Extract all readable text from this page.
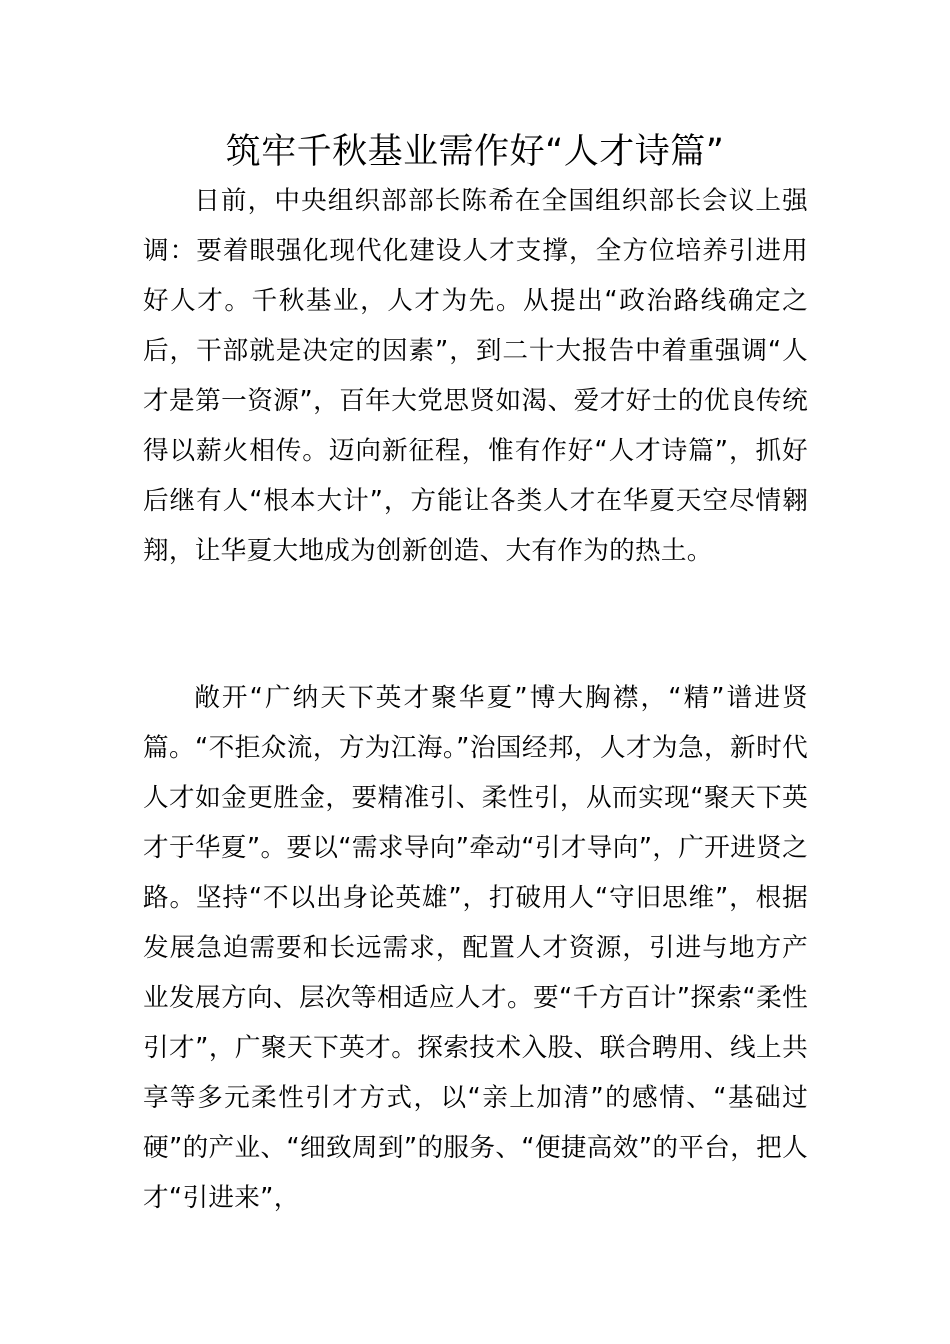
筑牢千秋基业需作好“人才诗篇”

日前，中央组织部部长陈希在全国组织部长会议上强调：要着眼强化现代化建设人才支撑，全方位培养引进用好人才。千秋基业，人才为先。从提出“政治路线确定之后，干部就是决定的因素”，到二十大报告中着重强调“人才是第一资源”，百年大党思贤如渴、爱才好士的优良传统得以薪火相传。迈向新征程，惟有作好“人才诗篇”，抓好后继有人“根本大计”，方能让各类人才在华夏天空尽情翱翔，让华夏大地成为创新创造、大有作为的热土。

敞开“广纳天下英才聚华夏”博大胸襟，“精”谱进贤篇。“不拒众流，方为江海。”治国经邦，人才为急，新时代人才如金更胜金，要精准引、柔性引，从而实现“聚天下英才于华夏”。要以“需求导向”牵动“引才导向”，广开进贤之路。坚持“不以出身论英雄”，打破用人“守旧思维”，根据发展急迫需要和长远需求，配置人才资源，引进与地方产业发展方向、层次等相适应人才。要“千方百计”探索“柔性引才”，广聚天下英才。探索技术入股、联合聘用、线上共享等多元柔性引才方式，以“亲上加清”的感情、“基础过硬”的产业、“细致周到”的服务、“便捷高效”的平台，把人才“引进来”，
